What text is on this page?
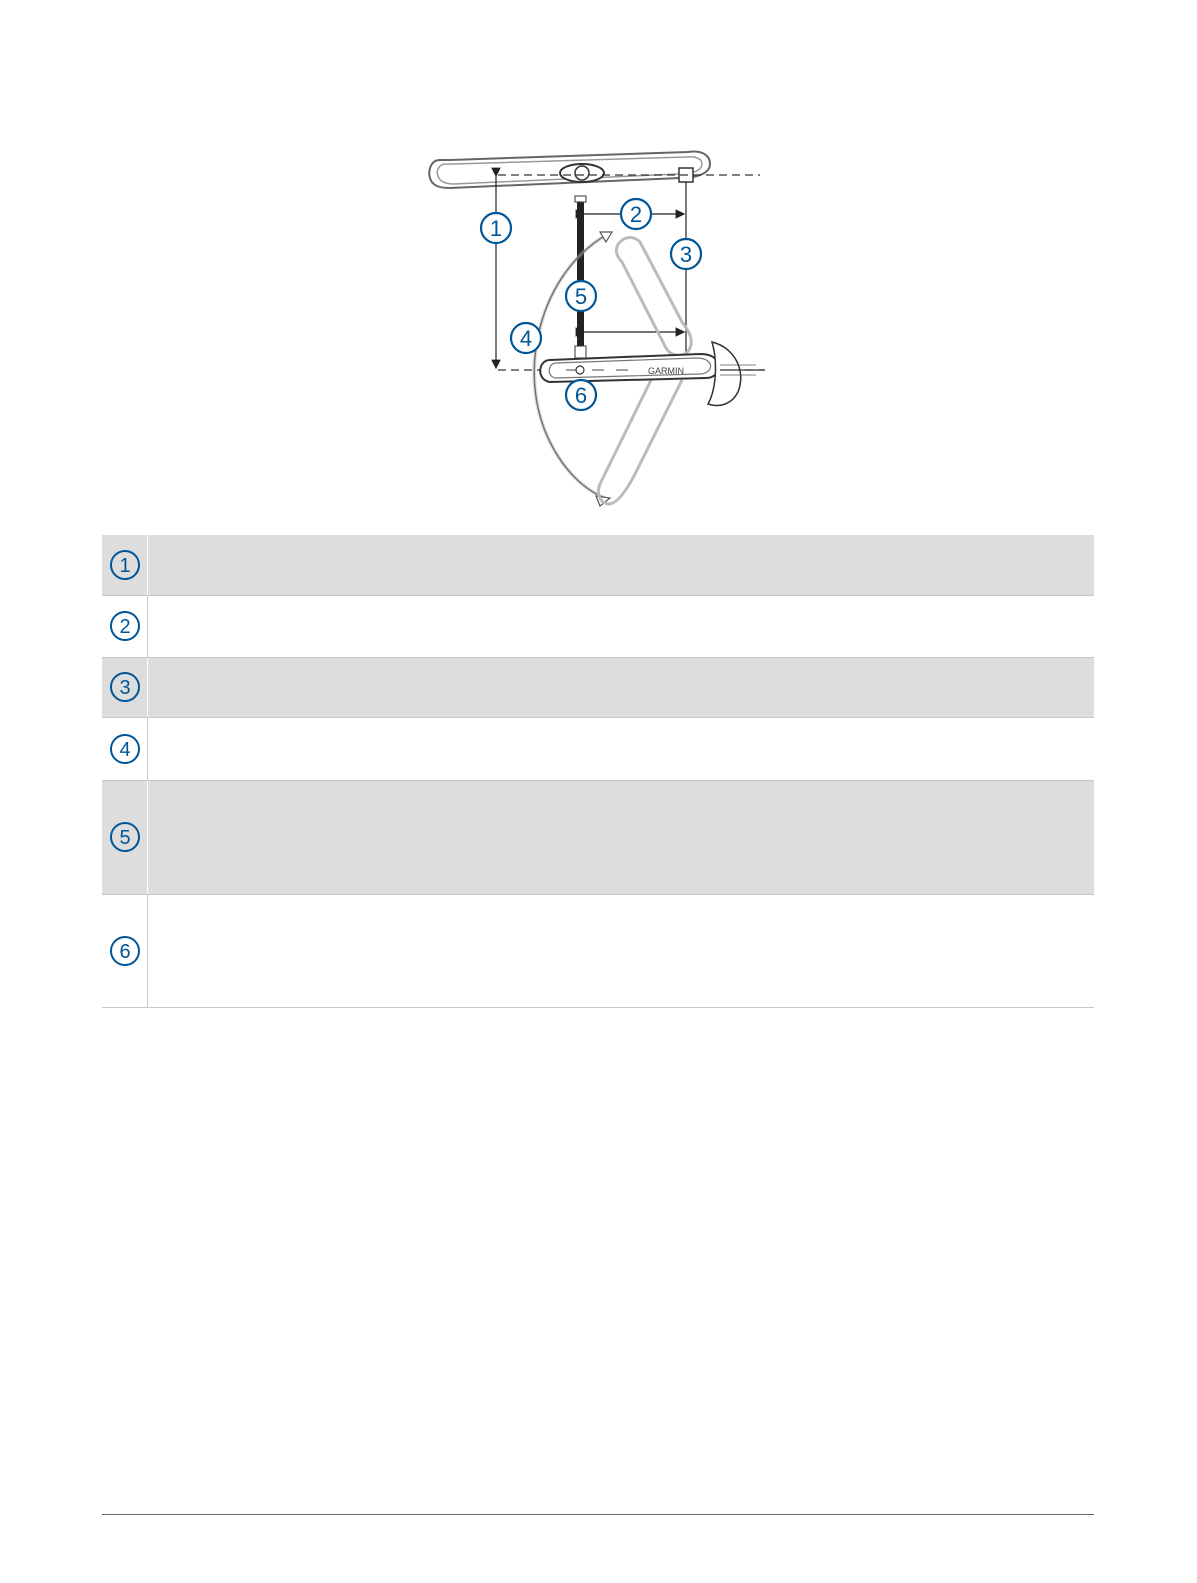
GARMIN
1
2
3
4
5
6
1	

2	

3	

4	

5	

6	
